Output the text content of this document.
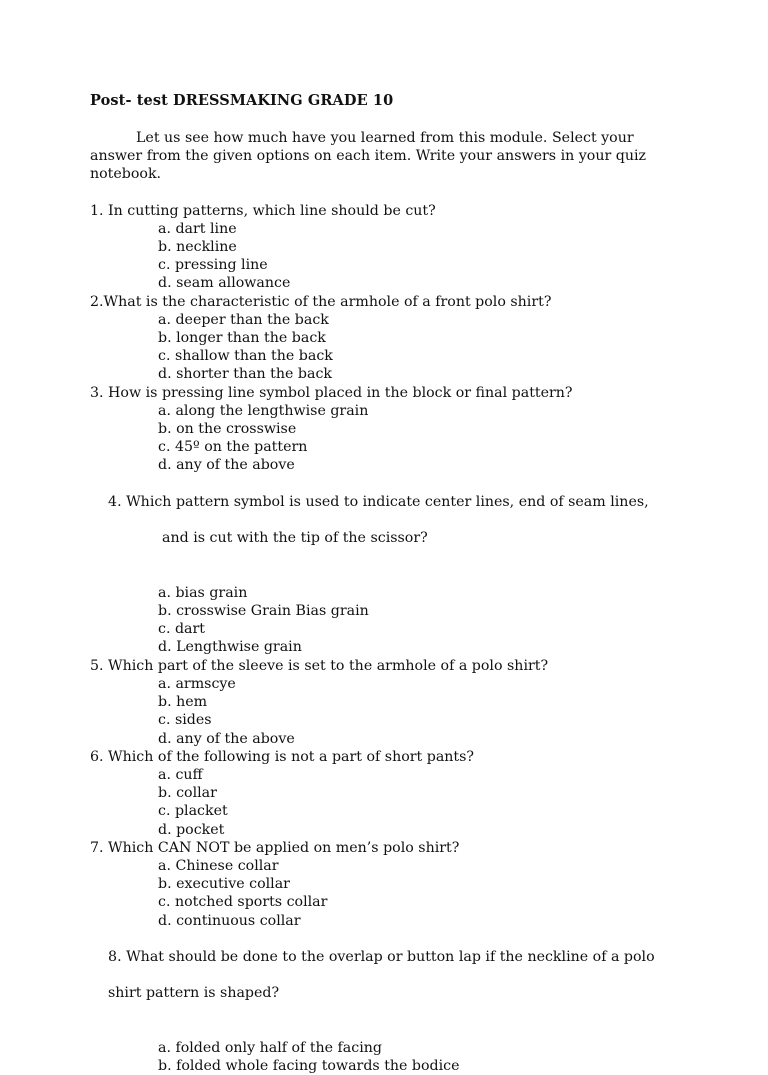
Post- test DRESSMAKING GRADE 10
Let us see how much have you learned from this module. Select your answer from the given options on each item. Write your answers in your quiz notebook.
1. In cutting patterns, which line should be cut?
a. dart line
b. neckline
c. pressing line
d. seam allowance
2.What is the characteristic of the armhole of a front polo shirt?
a. deeper than the back
b. longer than the back
c. shallow than the back
d. shorter than the back
3. How is pressing line symbol placed in the block or final pattern?
a. along the lengthwise grain
b. on the crosswise
c. 45º on the pattern
d. any of the above

4. Which pattern symbol is used to indicate center lines, end of seam lines,

and is cut with the tip of the scissor?

a. bias grain
b. crosswise Grain Bias grain
c. dart
d. Lengthwise grain
5. Which part of the sleeve is set to the armhole of a polo shirt?
a. armscye
b. hem
c. sides
d. any of the above
6. Which of the following is not a part of short pants?
a. cuff
b. collar
c. placket
d. pocket
7. Which CAN NOT be applied on men’s polo shirt?
a. Chinese collar
b. executive collar
c. notched sports collar
d. continuous collar

8. What should be done to the overlap or button lap if the neckline of a polo

shirt pattern is shaped?

a. folded only half of the facing
b. folded whole facing towards the bodice
